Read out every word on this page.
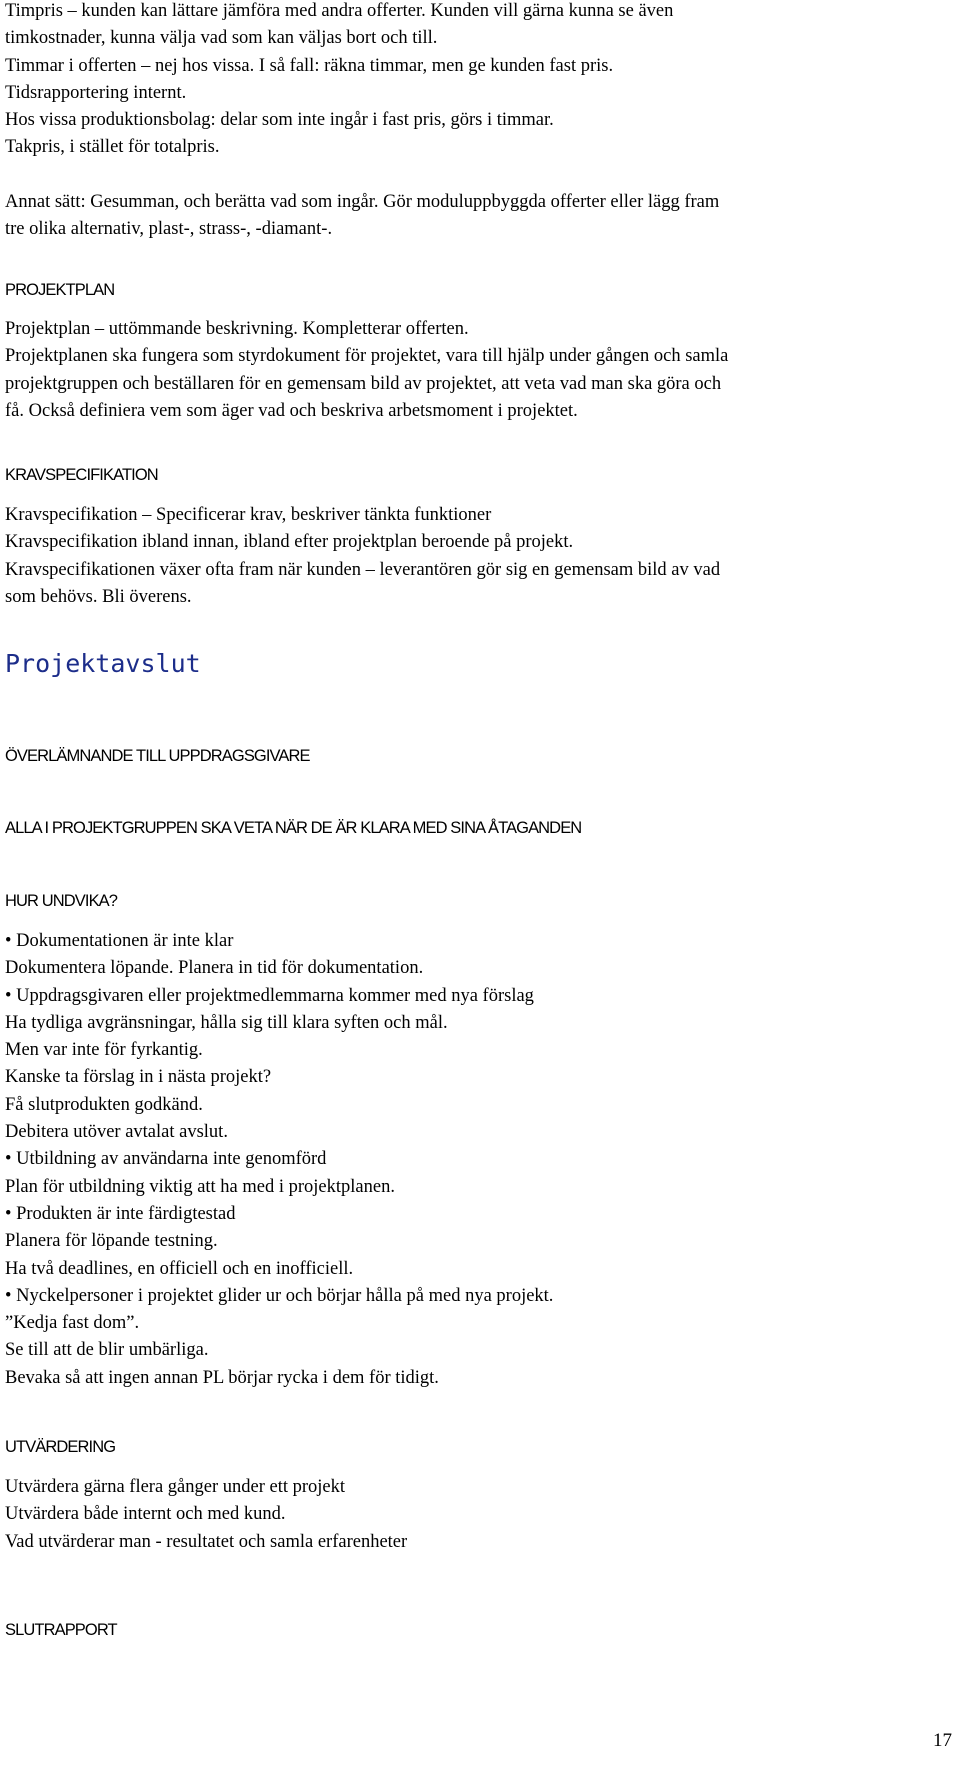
Timpris – kunden kan lättare jämföra med andra offerter. Kunden vill gärna kunna se även
timkostnader, kunna välja vad som kan väljas bort och till.
Timmar i offerten – nej hos vissa. I så fall: räkna timmar, men ge kunden fast pris.
Tidsrapportering internt.
Hos vissa produktionsbolag: delar som inte ingår i fast pris, görs i timmar.
Takpris, i stället för totalpris.
Annat sätt: Gesumman, och berätta vad som ingår. Gör moduluppbyggda offerter eller lägg fram
tre olika alternativ, plast-, strass-, -diamant-.
PROJEKTPLAN
Projektplan – uttömmande beskrivning. Kompletterar offerten.
Projektplanen ska fungera som styrdokument för projektet, vara till hjälp under gången och samla
projektgruppen och beställaren för en gemensam bild av projektet, att veta vad man ska göra och
få. Också definiera vem som äger vad och beskriva arbetsmoment i projektet.
KRAVSPECIFIKATION
Kravspecifikation – Specificerar krav, beskriver tänkta funktioner
Kravspecifikation ibland innan, ibland efter projektplan beroende på projekt.
Kravspecifikationen växer ofta fram när kunden – leverantören gör sig en gemensam bild av vad
som behövs. Bli överens.
Projektavslut
ÖVERLÄMNANDE TILL UPPDRAGSGIVARE
ALLA I PROJEKTGRUPPEN SKA VETA NÄR DE ÄR KLARA MED SINA ÅTAGANDEN
HUR UNDVIKA?
• Dokumentationen är inte klar
Dokumentera löpande. Planera in tid för dokumentation.
• Uppdragsgivaren eller projektmedlemmarna kommer med nya förslag
Ha tydliga avgränsningar, hålla sig till klara syften och mål.
Men var inte för fyrkantig.
Kanske ta förslag in i nästa projekt?
Få slutprodukten godkänd.
Debitera utöver avtalat avslut.
• Utbildning av användarna inte genomförd
Plan för utbildning viktig att ha med i projektplanen.
• Produkten är inte färdigtestad
Planera för löpande testning.
Ha två deadlines, en officiell och en inofficiell.
• Nyckelpersoner i projektet glider ur och börjar hålla på med nya projekt.
”Kedja fast dom”.
Se till att de blir umbärliga.
Bevaka så att ingen annan PL börjar rycka i dem för tidigt.
UTVÄRDERING
Utvärdera gärna flera gånger under ett projekt
Utvärdera både internt och med kund.
Vad utvärderar man - resultatet och samla erfarenheter
SLUTRAPPORT
17
